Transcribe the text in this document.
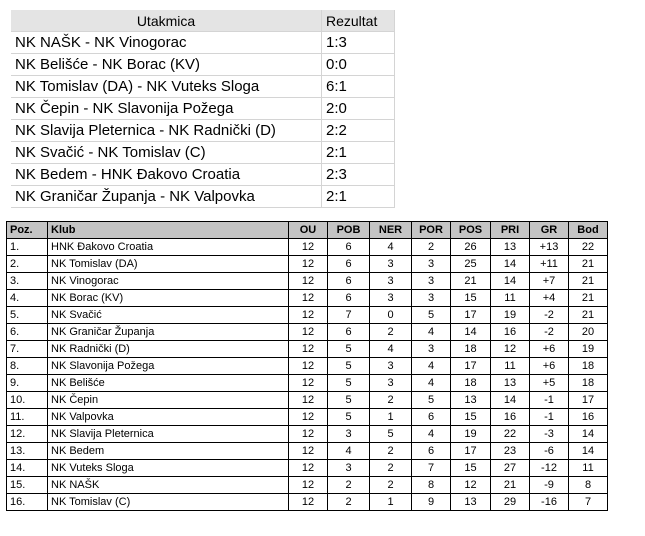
Utakmica	Rezultat
NK NAŠK - NK Vinogorac	1:3
NK Belišće - NK Borac (KV)	0:0
NK Tomislav (DA) - NK Vuteks Sloga	6:1
NK Čepin - NK Slavonija Požega	2:0
NK Slavija Pleternica - NK Radnički (D)	2:2
NK Svačić - NK Tomislav (C)	2:1
NK Bedem - HNK Đakovo Croatia	2:3
NK Graničar Županja - NK Valpovka	2:1
Poz.	Klub	OU	POB	NER	POR	POS	PRI	GR	Bod
1.	HNK Đakovo Croatia	12	6	4	2	26	13	+13	22
2.	NK Tomislav (DA)	12	6	3	3	25	14	+11	21
3.	NK Vinogorac	12	6	3	3	21	14	+7	21
4.	NK Borac (KV)	12	6	3	3	15	11	+4	21
5.	NK Svačić	12	7	0	5	17	19	-2	21
6.	NK Graničar Županja	12	6	2	4	14	16	-2	20
7.	NK Radnički (D)	12	5	4	3	18	12	+6	19
8.	NK Slavonija Požega	12	5	3	4	17	11	+6	18
9.	NK Belišće	12	5	3	4	18	13	+5	18
10.	NK Čepin	12	5	2	5	13	14	-1	17
11.	NK Valpovka	12	5	1	6	15	16	-1	16
12.	NK Slavija Pleternica	12	3	5	4	19	22	-3	14
13.	NK Bedem	12	4	2	6	17	23	-6	14
14.	NK Vuteks Sloga	12	3	2	7	15	27	-12	11
15.	NK NAŠK	12	2	2	8	12	21	-9	8
16.	NK Tomislav (C)	12	2	1	9	13	29	-16	7
